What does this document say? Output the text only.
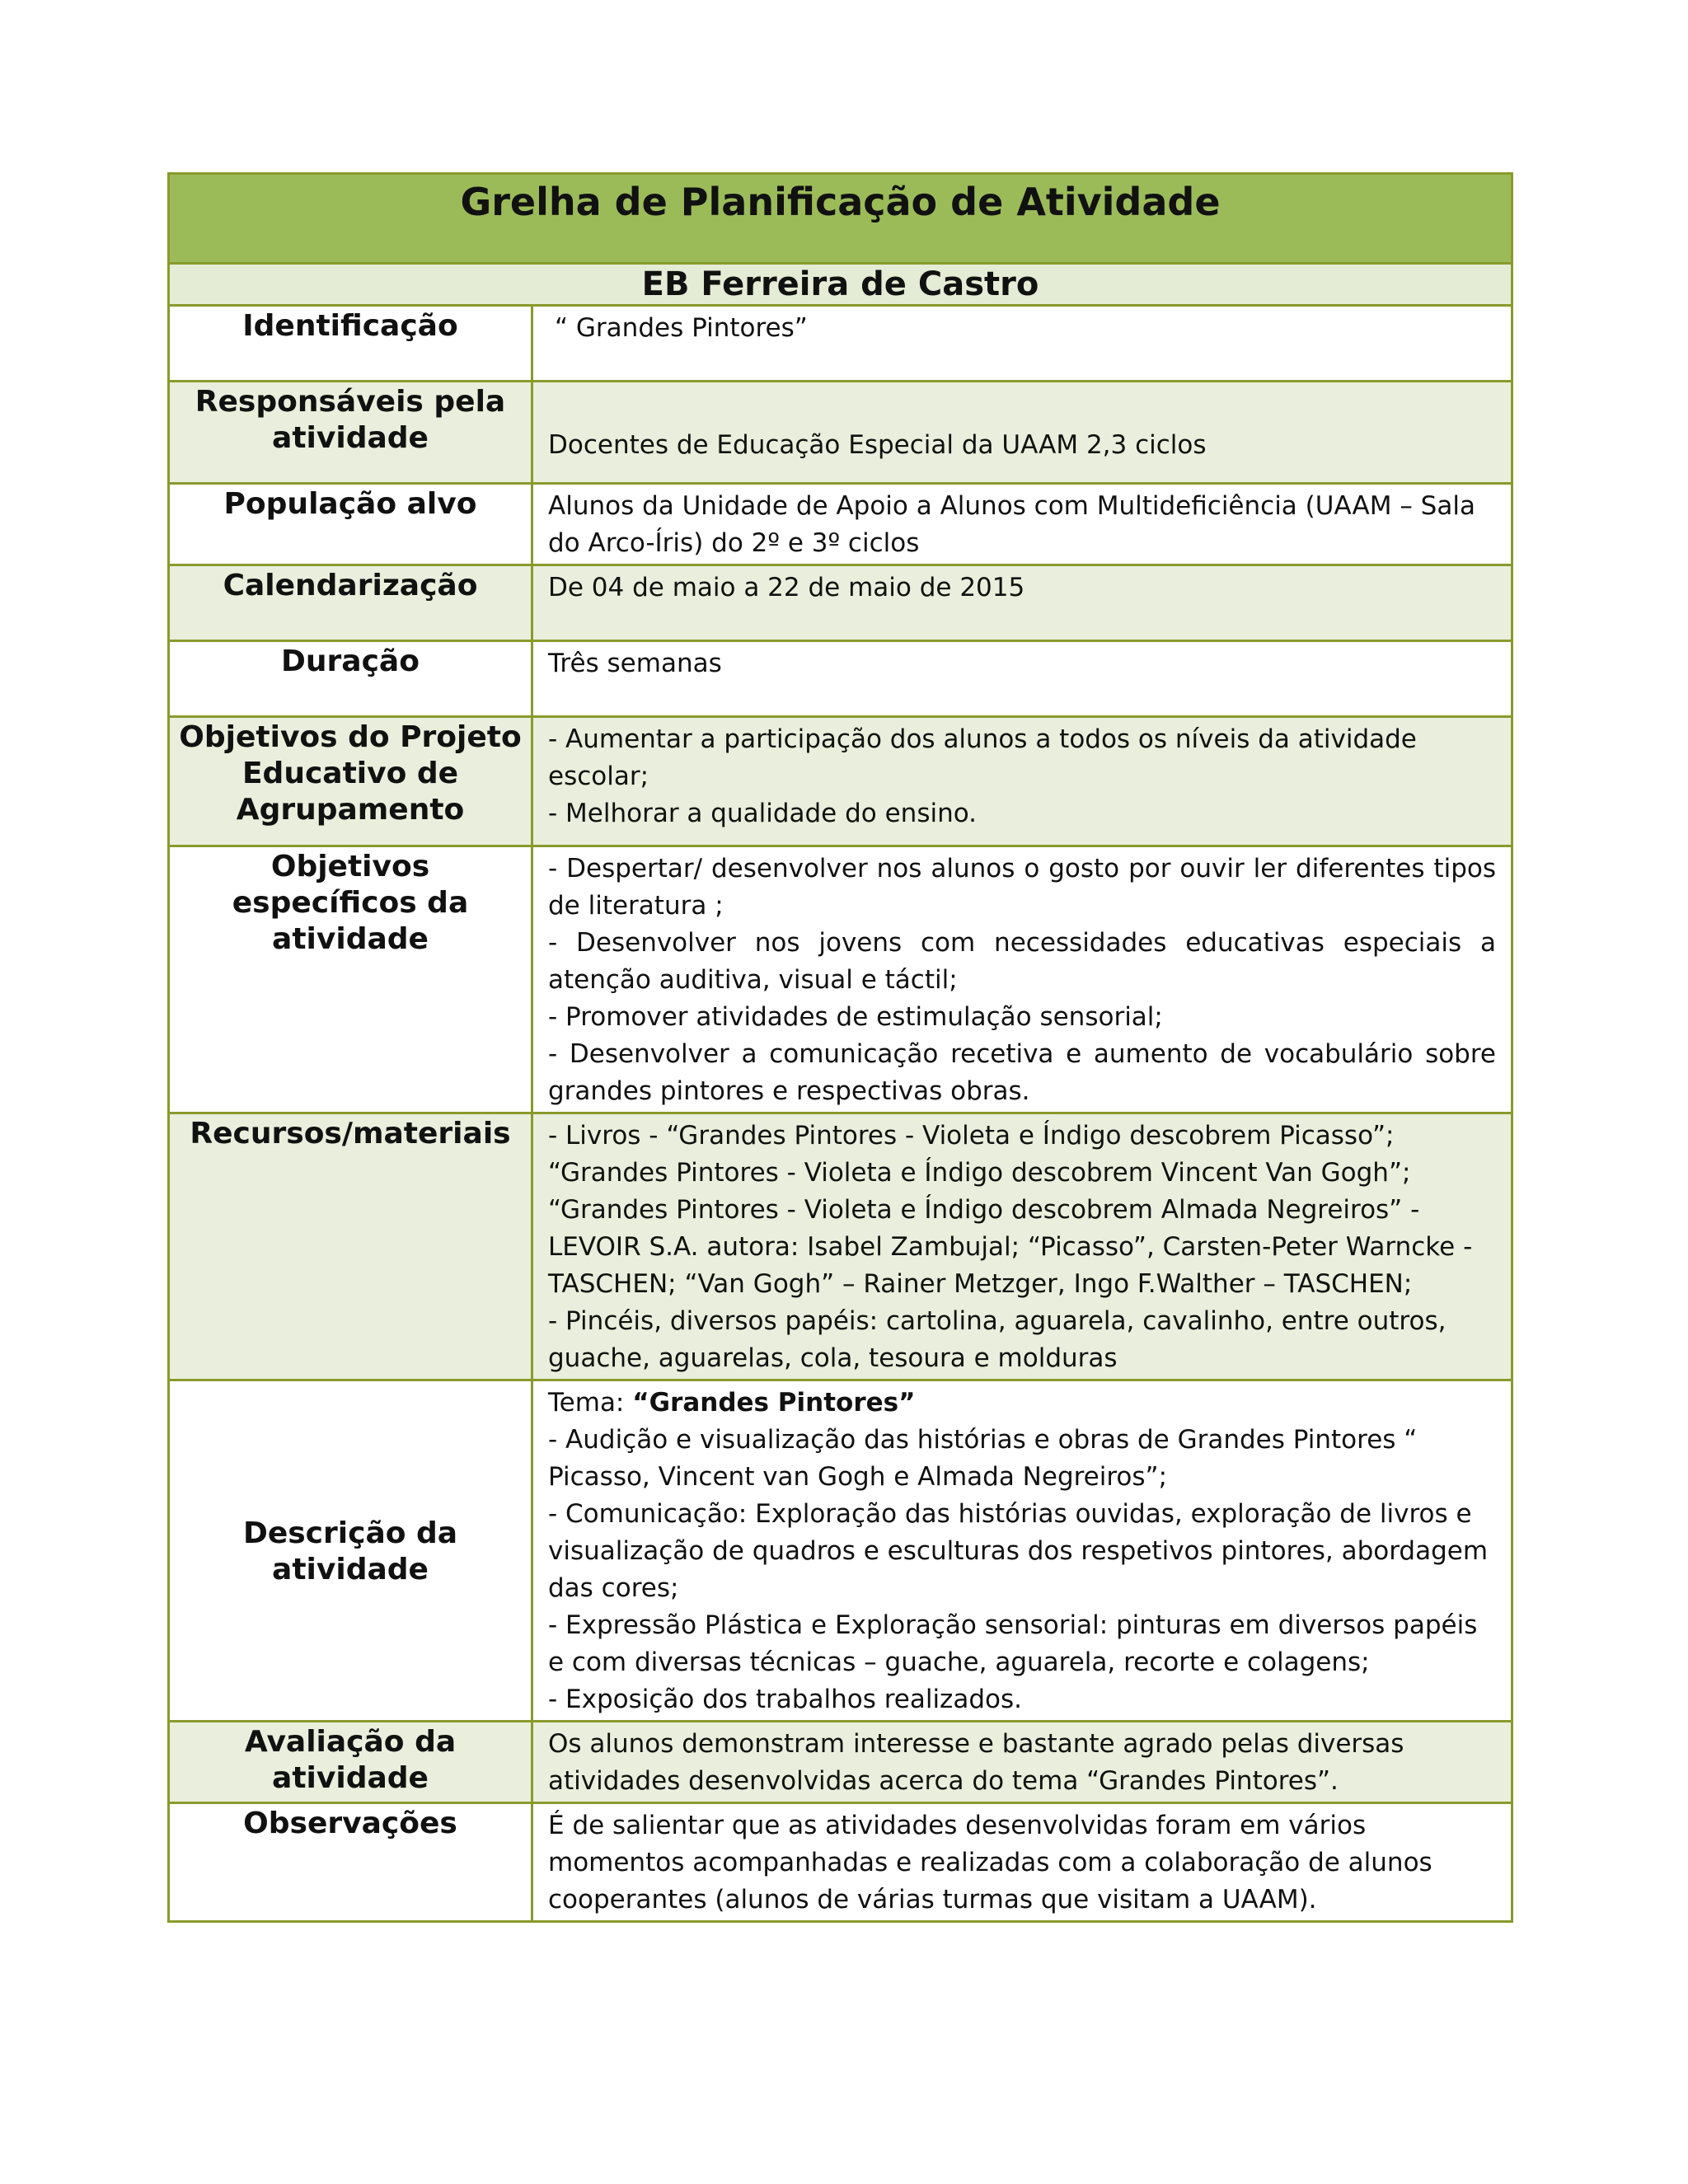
Grelha de Planificação de Atividade	
EB Ferreira de Castro	
Identificação	“ Grandes Pintores”
Responsáveis pela atividade	Docentes de Educação Especial da UAAM 2,3 ciclos
População alvo	Alunos da Unidade de Apoio a Alunos com Multideficiência (UAAM – Sala do Arco-Íris) do 2º e 3º ciclos
Calendarização	De 04 de maio a 22 de maio de 2015
Duração	Três semanas
Objetivos do Projeto Educativo de Agrupamento	- Aumentar a participação dos alunos a todos os níveis da atividade escolar;
- Melhorar a qualidade do ensino.

Objetivos específicos da atividade	- Despertar/ desenvolver nos alunos o gosto por ouvir ler diferentes tipos de literatura ;
- Desenvolver nos jovens com necessidades educativas especiais a atenção auditiva, visual e táctil;
- Promover atividades de estimulação sensorial;
- Desenvolver a comunicação recetiva e aumento de vocabulário sobre grandes pintores e respectivas obras.

Recursos/materiais	- Livros - “Grandes Pintores - Violeta e Índigo descobrem Picasso”; “Grandes Pintores - Violeta e Índigo descobrem Vincent Van Gogh”; “Grandes Pintores - Violeta e Índigo descobrem Almada Negreiros” - LEVOIR S.A. autora: Isabel Zambujal; “Picasso”, Carsten-Peter Warncke - TASCHEN; “Van Gogh” – Rainer Metzger, Ingo F.Walther – TASCHEN;
- Pincéis, diversos papéis: cartolina, aguarela, cavalinho, entre outros, guache, aguarelas, cola, tesoura e molduras

Descrição da atividade	Tema: “Grandes Pintores”
- Audição e visualização das histórias e obras de Grandes Pintores “ Picasso, Vincent van Gogh e Almada Negreiros”;
- Comunicação: Exploração das histórias ouvidas, exploração de livros e visualização de quadros e esculturas dos respetivos pintores, abordagem das cores;
- Expressão Plástica e Exploração sensorial: pinturas em diversos papéis e com diversas técnicas – guache, aguarela, recorte e colagens;
- Exposição dos trabalhos realizados.

Avaliação da atividade	Os alunos demonstram interesse e bastante agrado pelas diversas atividades desenvolvidas acerca do tema “Grandes Pintores”.
Observações	É de salientar que as atividades desenvolvidas foram em vários momentos acompanhadas e realizadas com a colaboração de alunos cooperantes (alunos de várias turmas que visitam a UAAM).
